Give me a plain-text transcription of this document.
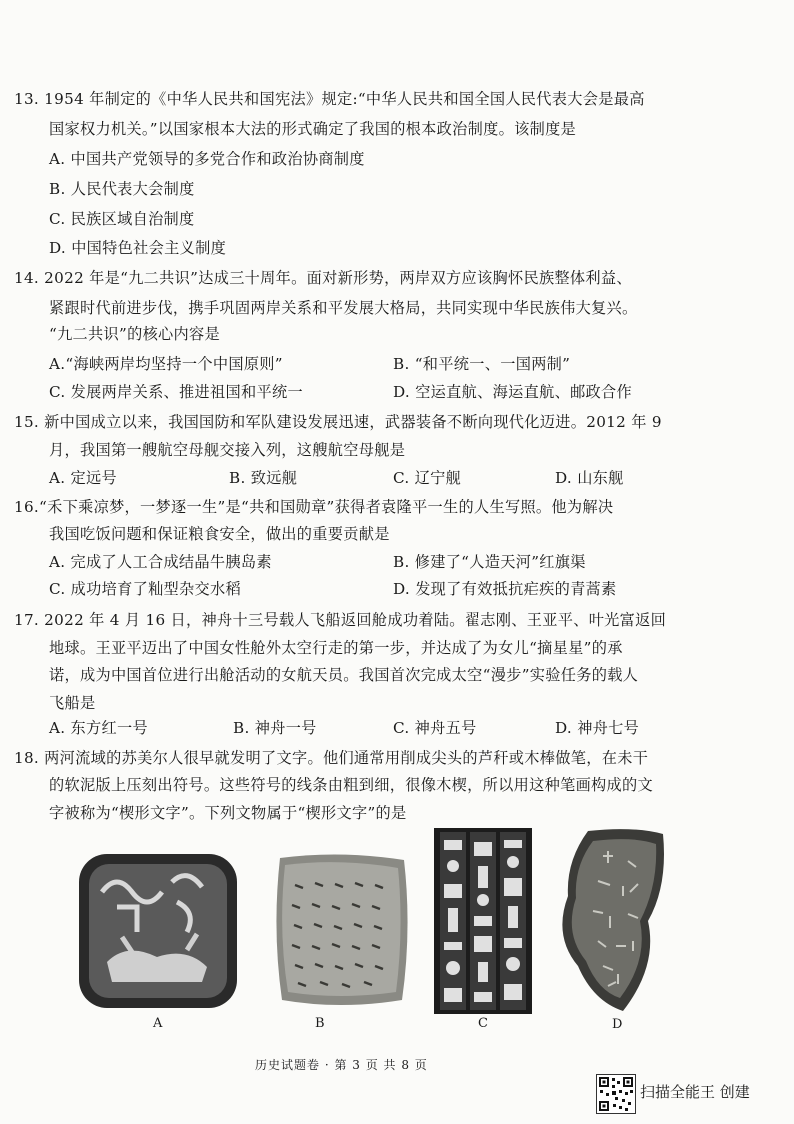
13. 1954 年制定的《中华人民共和国宪法》规定:“中华人民共和国全国人民代表大会是最高
国家权力机关。”以国家根本大法的形式确定了我国的根本政治制度。该制度是
A. 中国共产党领导的多党合作和政治协商制度
B. 人民代表大会制度
C. 民族区域自治制度
D. 中国特色社会主义制度
14. 2022 年是“九二共识”达成三十周年。面对新形势，两岸双方应该胸怀民族整体利益、
紧跟时代前进步伐，携手巩固两岸关系和平发展大格局，共同实现中华民族伟大复兴。
“九二共识”的核心内容是
A.“海峡两岸均坚持一个中国原则”	B. “和平统一、一国两制”
C. 发展两岸关系、推进祖国和平统一	D. 空运直航、海运直航、邮政合作
15. 新中国成立以来，我国国防和军队建设发展迅速，武器装备不断向现代化迈进。2012 年 9
月，我国第一艘航空母舰交接入列，这艘航空母舰是
A. 定远号	B. 致远舰	C. 辽宁舰	D. 山东舰
16.“禾下乘凉梦，一梦逐一生”是“共和国勋章”获得者袁隆平一生的人生写照。他为解决
我国吃饭问题和保证粮食安全，做出的重要贡献是
A. 完成了人工合成结晶牛胰岛素	B. 修建了“人造天河”红旗渠
C. 成功培育了籼型杂交水稻	D. 发现了有效抵抗疟疾的青蒿素
17. 2022 年 4 月 16 日，神舟十三号载人飞船返回舱成功着陆。翟志刚、王亚平、叶光富返回
地球。王亚平迈出了中国女性舱外太空行走的第一步，并达成了为女儿“摘星星”的承
诺，成为中国首位进行出舱活动的女航天员。我国首次完成太空“漫步”实验任务的载人
飞船是
A. 东方红一号	B. 神舟一号	C. 神舟五号	D. 神舟七号
18. 两河流域的苏美尔人很早就发明了文字。他们通常用削成尖头的芦秆或木棒做笔，在未干
的软泥版上压刻出符号。这些符号的线条由粗到细，很像木楔，所以用这种笔画构成的文
字被称为“楔形文字”。下列文物属于“楔形文字”的是
A	B	C	D
历史试题卷 · 第 3 页 共 8 页
扫描全能王 创建
